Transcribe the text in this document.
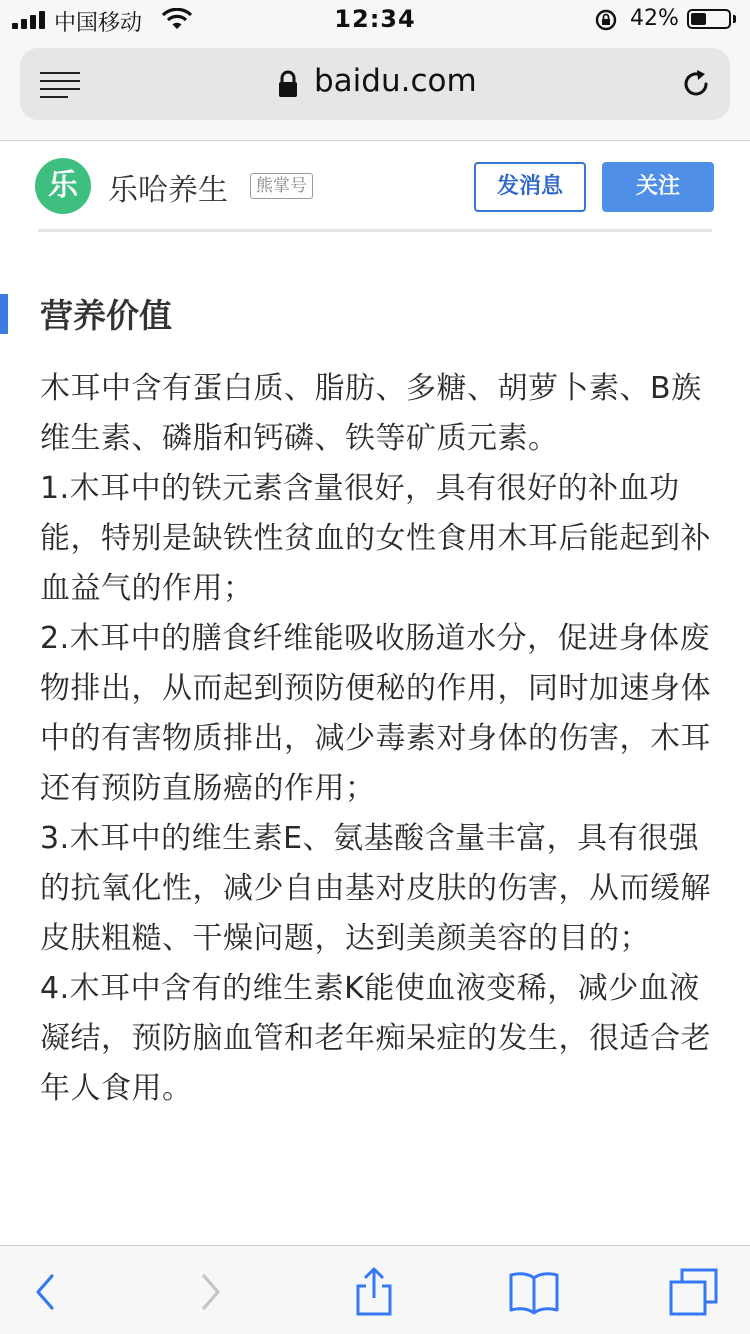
中国移动	12:34	42%
baidu.com
乐	乐哈养生	熊掌号	发消息	关注
营养价值

木耳中含有蛋白质、脂肪、多糖、胡萝卜素、B族维生素、磷脂和钙磷、铁等矿质元素。

1.木耳中的铁元素含量很好，具有很好的补血功能，特别是缺铁性贫血的女性食用木耳后能起到补血益气的作用；

2.木耳中的膳食纤维能吸收肠道水分，促进身体废物排出，从而起到预防便秘的作用，同时加速身体中的有害物质排出，减少毒素对身体的伤害，木耳还有预防直肠癌的作用；

3.木耳中的维生素E、氨基酸含量丰富，具有很强的抗氧化性，减少自由基对皮肤的伤害，从而缓解皮肤粗糙、干燥问题，达到美颜美容的目的；

4.木耳中含有的维生素K能使血液变稀，减少血液凝结，预防脑血管和老年痴呆症的发生，很适合老年人食用。
